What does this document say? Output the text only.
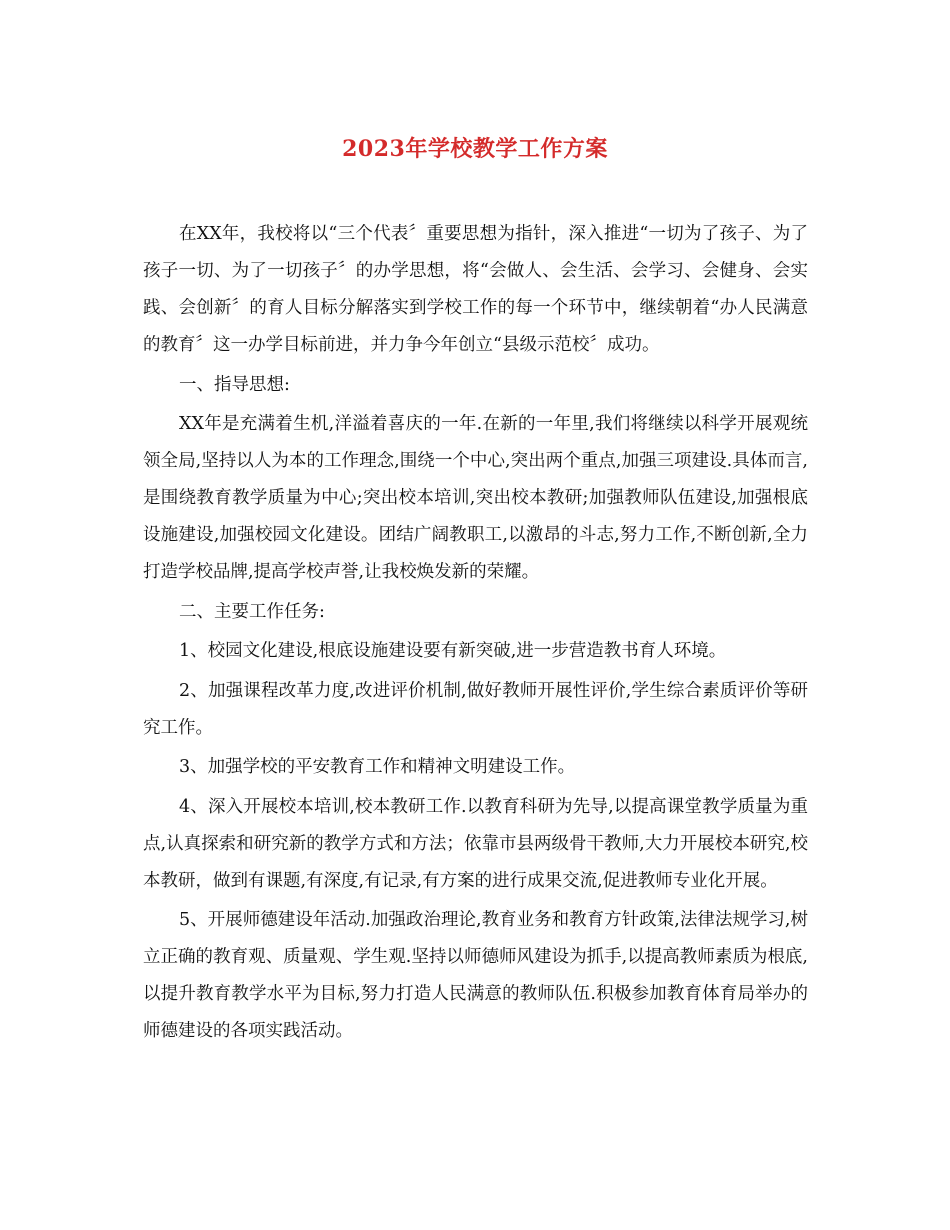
2023年学校教学工作方案

在XX年，我校将以“三个代表〞重要思想为指针，深入推进“一切为了孩子、为了孩子一切、为了一切孩子〞的办学思想，将“会做人、会生活、会学习、会健身、会实践、会创新〞的育人目标分解落实到学校工作的每一个环节中，继续朝着“办人民满意的教育〞这一办学目标前进，并力争今年创立“县级示范校〞成功。

一、指导思想:

XX年是充满着生机,洋溢着喜庆的一年.在新的一年里,我们将继续以科学开展观统领全局,坚持以人为本的工作理念,围绕一个中心,突出两个重点,加强三项建设.具体而言,是围绕教育教学质量为中心;突出校本培训,突出校本教研;加强教师队伍建设,加强根底设施建设,加强校园文化建设。团结广阔教职工,以激昂的斗志,努力工作,不断创新,全力打造学校品牌,提高学校声誉,让我校焕发新的荣耀。

二、主要工作任务:

1、校园文化建设,根底设施建设要有新突破,进一步营造教书育人环境。

2、加强课程改革力度,改进评价机制,做好教师开展性评价,学生综合素质评价等研究工作。

3、加强学校的平安教育工作和精神文明建设工作。

4、深入开展校本培训,校本教研工作.以教育科研为先导,以提高课堂教学质量为重点,认真探索和研究新的教学方式和方法；依靠市县两级骨干教师,大力开展校本研究,校本教研，做到有课题,有深度,有记录,有方案的进行成果交流,促进教师专业化开展。

5、开展师德建设年活动.加强政治理论,教育业务和教育方针政策,法律法规学习,树立正确的教育观、质量观、学生观.坚持以师德师风建设为抓手,以提高教师素质为根底,以提升教育教学水平为目标,努力打造人民满意的教师队伍.积极参加教育体育局举办的师德建设的各项实践活动。
